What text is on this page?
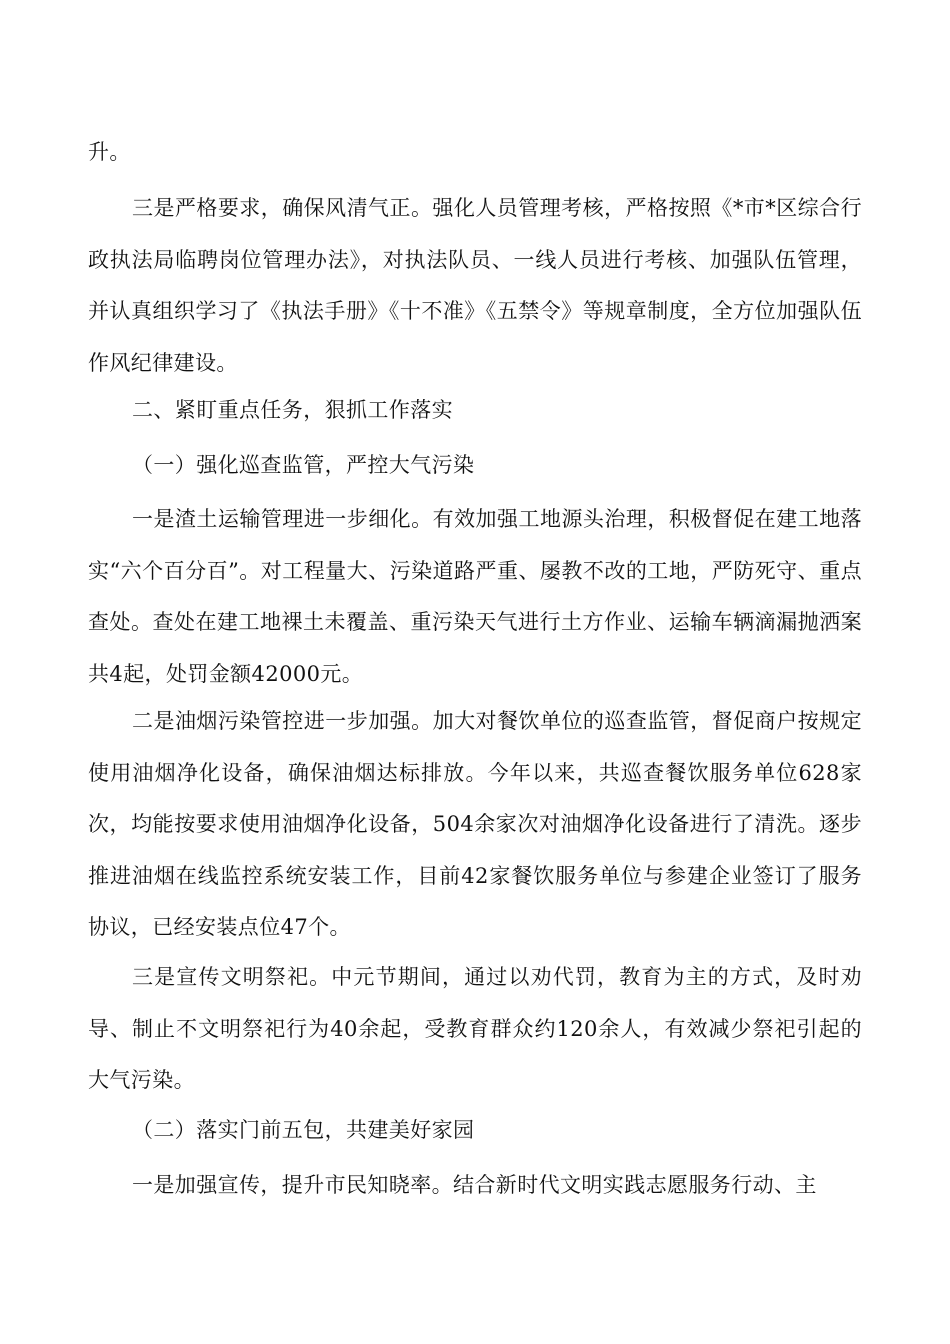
升。

三是严格要求，确保风清气正。强化人员管理考核，严格按照《*市*区综合行政执法局临聘岗位管理办法》，对执法队员、一线人员进行考核、加强队伍管理，并认真组织学习了《执法手册》《十不准》《五禁令》等规章制度，全方位加强队伍作风纪律建设。

二、紧盯重点任务，狠抓工作落实

（一）强化巡查监管，严控大气污染

一是渣土运输管理进一步细化。有效加强工地源头治理，积极督促在建工地落实“六个百分百”。对工程量大、污染道路严重、屡教不改的工地，严防死守、重点查处。查处在建工地裸土未覆盖、重污染天气进行土方作业、运输车辆滴漏抛洒案共4起，处罚金额42000元。

二是油烟污染管控进一步加强。加大对餐饮单位的巡查监管，督促商户按规定使用油烟净化设备，确保油烟达标排放。今年以来，共巡查餐饮服务单位628家次，均能按要求使用油烟净化设备，504余家次对油烟净化设备进行了清洗。逐步推进油烟在线监控系统安装工作，目前42家餐饮服务单位与参建企业签订了服务协议，已经安装点位47个。

三是宣传文明祭祀。中元节期间，通过以劝代罚，教育为主的方式，及时劝导、制止不文明祭祀行为40余起，受教育群众约120余人，有效减少祭祀引起的大气污染。

（二）落实门前五包，共建美好家园

一是加强宣传，提升市民知晓率。结合新时代文明实践志愿服务行动、主
